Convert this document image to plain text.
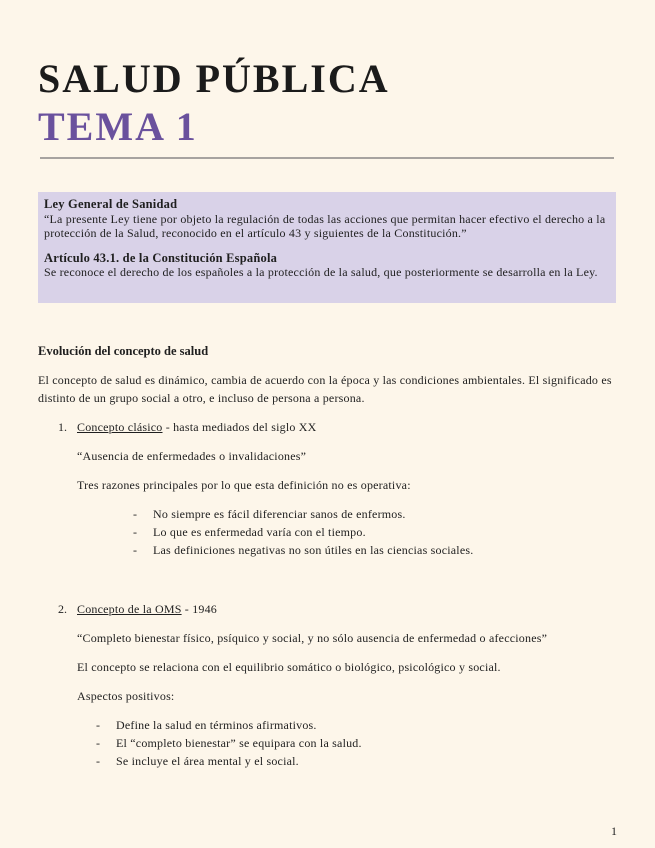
SALUD PÚBLICA
TEMA 1
Ley General de Sanidad
“La presente Ley tiene por objeto la regulación de todas las acciones que permitan hacer efectivo el derecho a la protección de la Salud, reconocido en el artículo 43 y siguientes de la Constitución.”
Artículo 43.1. de la Constitución Española
Se reconoce el derecho de los españoles a la protección de la salud, que posteriormente se desarrolla en la Ley.
Evolución del concepto de salud
El concepto de salud es dinámico, cambia de acuerdo con la época y las condiciones ambientales. El significado es distinto de un grupo social a otro, e incluso de persona a persona.
1. Concepto clásico - hasta mediados del siglo XX
“Ausencia de enfermedades o invalidaciones”
Tres razones principales por lo que esta definición no es operativa:
- No siempre es fácil diferenciar sanos de enfermos.
- Lo que es enfermedad varía con el tiempo.
- Las definiciones negativas no son útiles en las ciencias sociales.
2. Concepto de la OMS - 1946
“Completo bienestar físico, psíquico y social, y no sólo ausencia de enfermedad o afecciones”
El concepto se relaciona con el equilibrio somático o biológico, psicológico y social.
Aspectos positivos:
- Define la salud en términos afirmativos.
- El “completo bienestar” se equipara con la salud.
- Se incluye el área mental y el social.
1
